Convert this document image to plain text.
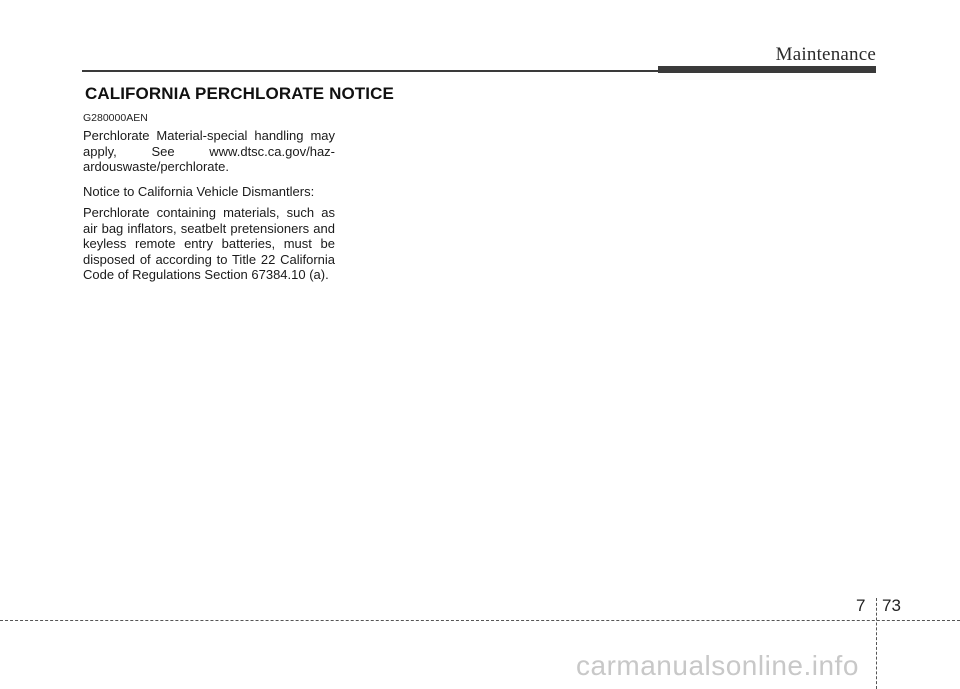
Maintenance
CALIFORNIA PERCHLORATE NOTICE

G280000AEN

Perchlorate Material-special handling may apply, See www.dtsc.ca.gov/haz-ardouswaste/perchlorate.

Notice to California Vehicle Dismantlers:

Perchlorate containing materials, such as air bag inflators, seatbelt pretensioners and keyless remote entry batteries, must be disposed of according to Title 22 California Code of Regulations Section 67384.10 (a).

7 73
carmanualsonline.info
